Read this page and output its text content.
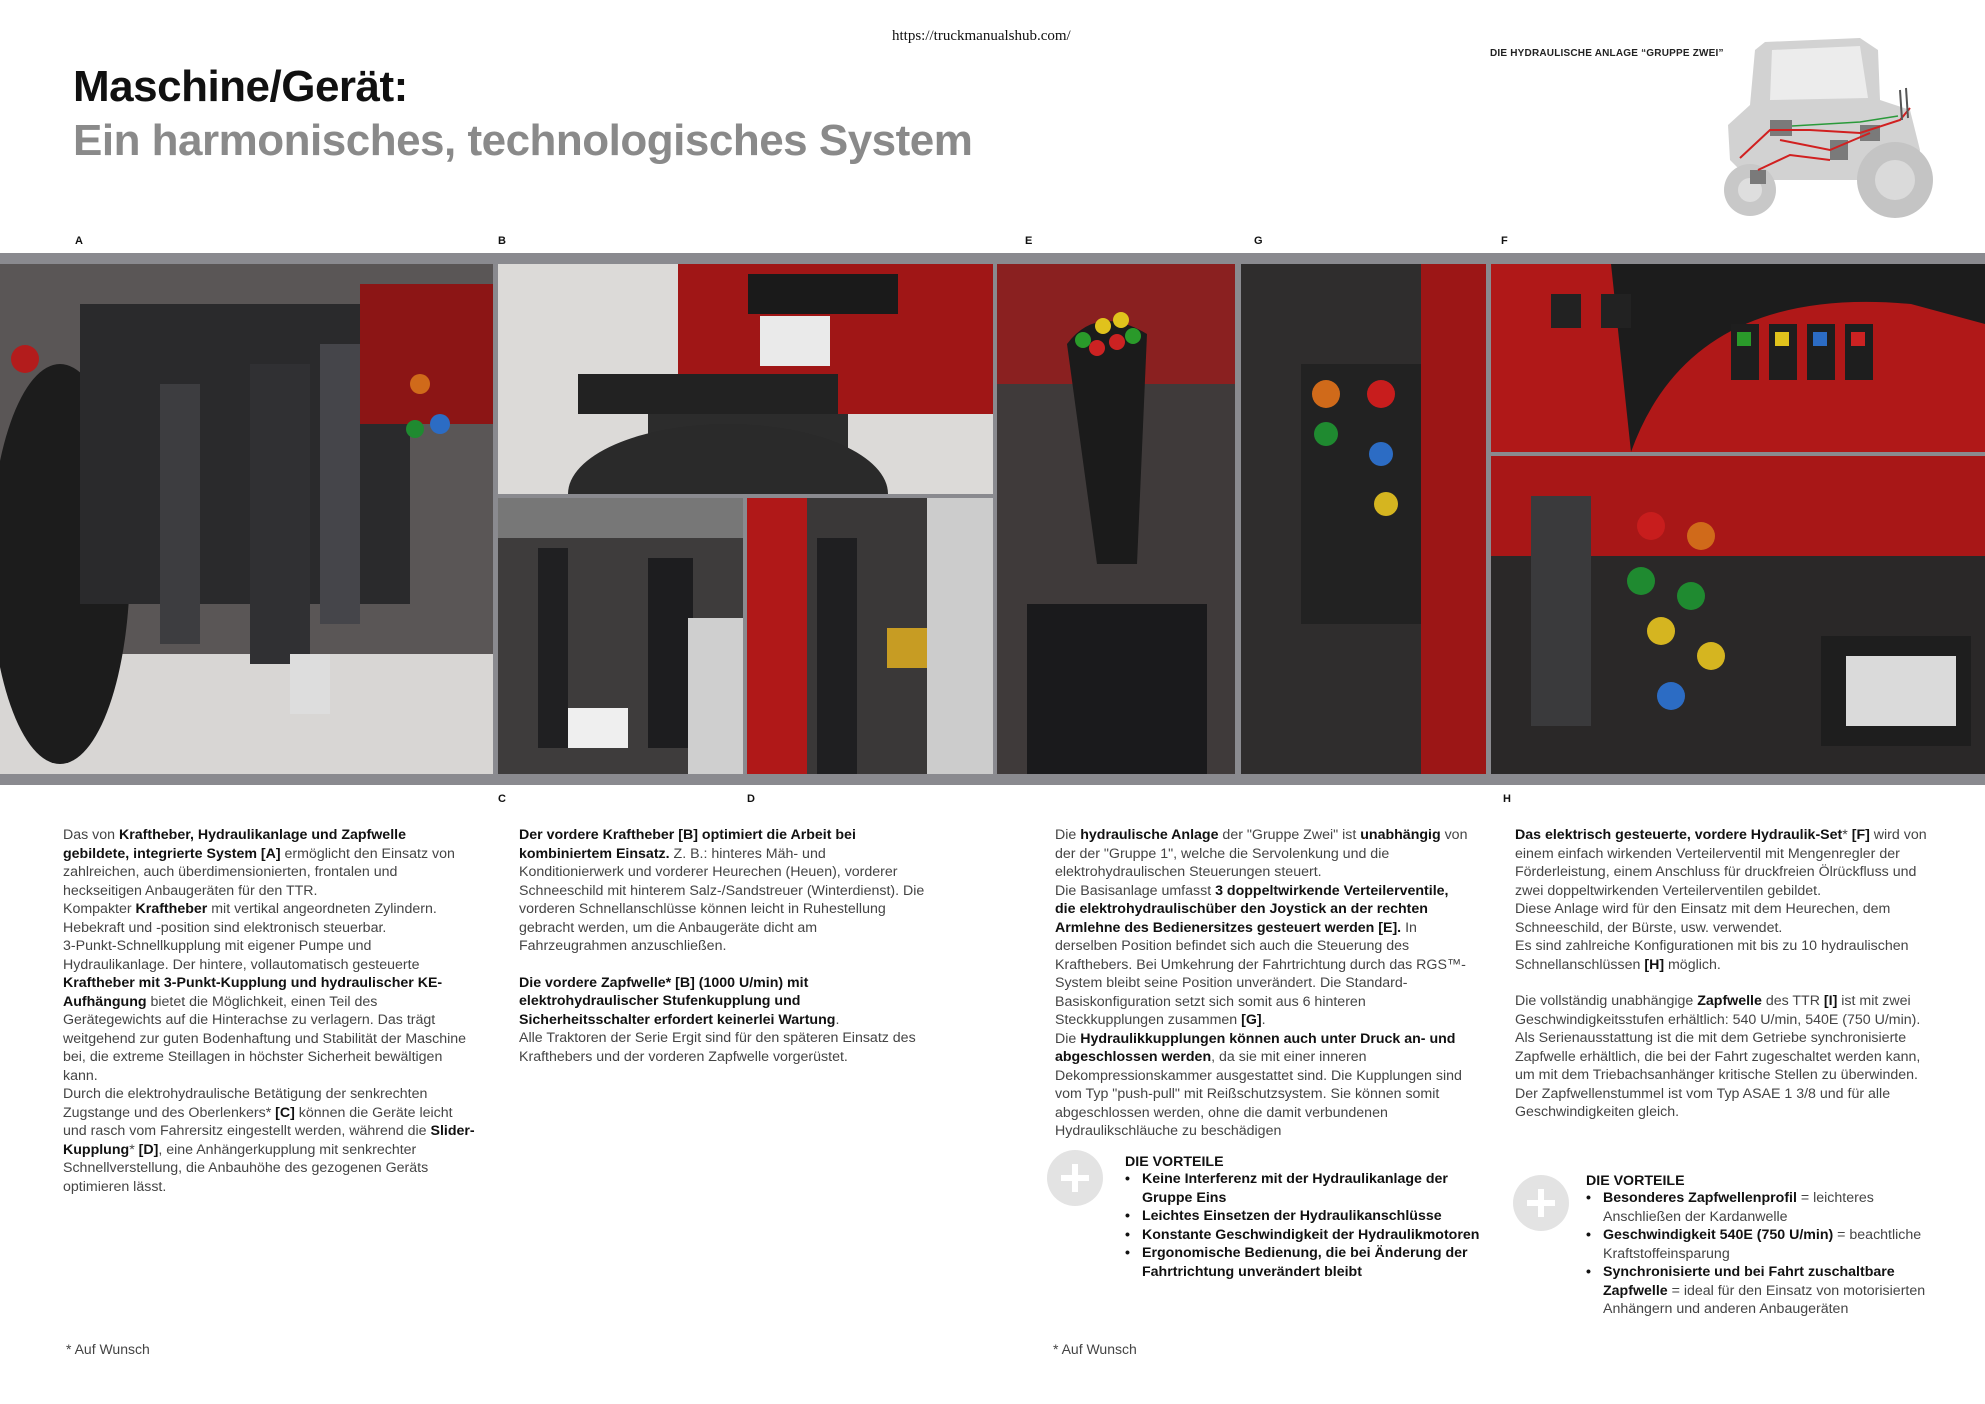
https://truckmanualshub.com/
Maschine/Gerät:
Ein harmonisches, technologisches System
DIE HYDRAULISCHE ANLAGE “GRUPPE ZWEI”
A	B	E	G	F
C	D	H

Das von Kraftheber, Hydraulikanlage und Zapfwelle gebildete, integrierte System [A] ermöglicht den Einsatz von zahlreichen, auch überdimensionierten, frontalen und heckseitigen Anbaugeräten für den TTR.

Kompakter Kraftheber mit vertikal angeordneten Zylindern.

Hebekraft und -position sind elektronisch steuerbar.

3-Punkt-Schnellkupplung mit eigener Pumpe und Hydraulikanlage. Der hintere, vollautomatisch gesteuerte Kraftheber mit 3-Punkt-Kupplung und hydraulischer KE-Aufhängung bietet die Möglichkeit, einen Teil des Gerätegewichts auf die Hinterachse zu verlagern. Das trägt weitgehend zur guten Bodenhaftung und Stabilität der Maschine bei, die extreme Steillagen in höchster Sicherheit bewältigen kann.

Durch die elektrohydraulische Betätigung der senkrechten Zugstange und des Oberlenkers* [C] können die Geräte leicht und rasch vom Fahrersitz eingestellt werden, während die Slider-Kupplung* [D], eine Anhängerkupplung mit senkrechter Schnellverstellung, die Anbauhöhe des gezogenen Geräts optimieren lässt.

Der vordere Kraftheber [B] optimiert die Arbeit bei kombiniertem Einsatz. Z. B.: hinteres Mäh- und Konditionierwerk und vorderer Heurechen (Heuen), vorderer Schneeschild mit hinterem Salz-/Sandstreuer (Winterdienst). Die vorderen Schnellanschlüsse können leicht in Ruhestellung gebracht werden, um die Anbaugeräte dicht am Fahrzeugrahmen anzuschließen.

Die vordere Zapfwelle* [B] (1000 U/min) mit elektrohydraulischer Stufenkupplung und Sicherheitsschalter erfordert keinerlei Wartung.

Alle Traktoren der Serie Ergit sind für den späteren Einsatz des Krafthebers und der vorderen Zapfwelle vorgerüstet.

Die hydraulische Anlage der "Gruppe Zwei" ist unabhängig von der der "Gruppe 1", welche die Servolenkung und die elektrohydraulischen Steuerungen steuert.

Die Basisanlage umfasst 3 doppeltwirkende Verteilerventile, die elektrohydraulischüber den Joystick an der rechten Armlehne des Bedienersitzes gesteuert werden [E]. In derselben Position befindet sich auch die Steuerung des Krafthebers. Bei Umkehrung der Fahrtrichtung durch das RGS™-System bleibt seine Position unverändert. Die Standard-Basiskonfiguration setzt sich somit aus 6 hinteren Steckkupplungen zusammen [G].

Die Hydraulikkupplungen können auch unter Druck an- und abgeschlossen werden, da sie mit einer inneren Dekompressionskammer ausgestattet sind. Die Kupplungen sind vom Typ "push-pull" mit Reißschutzsystem. Sie können somit abgeschlossen werden, ohne die damit verbundenen Hydraulikschläuche zu beschädigen

Das elektrisch gesteuerte, vordere Hydraulik-Set* [F] wird von einem einfach wirkenden Verteilerventil mit Mengenregler der Förderleistung, einem Anschluss für druckfreien Ölrückfluss und zwei doppeltwirkenden Verteilerventilen gebildet.

Diese Anlage wird für den Einsatz mit dem Heurechen, dem Schneeschild, der Bürste, usw. verwendet.

Es sind zahlreiche Konfigurationen mit bis zu 10 hydraulischen Schnellanschlüssen [H] möglich.

Die vollständig unabhängige Zapfwelle des TTR [I] ist mit zwei Geschwindigkeitsstufen erhältlich: 540 U/min, 540E (750 U/min).

Als Serienausstattung ist die mit dem Getriebe synchronisierte Zapfwelle erhältlich, die bei der Fahrt zugeschaltet werden kann, um mit dem Triebachsanhänger kritische Stellen zu überwinden. Der Zapfwellenstummel ist vom Typ ASAE 1 3/8 und für alle Geschwindigkeiten gleich.

DIE VORTEILE
• Keine Interferenz mit der Hydraulikanlage der Gruppe Eins
• Leichtes Einsetzen der Hydraulikanschlüsse
• Konstante Geschwindigkeit der Hydraulikmotoren
• Ergonomische Bedienung, die bei Änderung der Fahrtrichtung unverändert bleibt
DIE VORTEILE
• Besonderes Zapfwellenprofil = leichteres Anschließen der Kardanwelle
• Geschwindigkeit 540E (750 U/min) = beachtliche Kraftstoffeinsparung
• Synchronisierte und bei Fahrt zuschaltbare Zapfwelle = ideal für den Einsatz von motorisierten Anhängern und anderen Anbaugeräten
* Auf Wunsch	* Auf Wunsch
